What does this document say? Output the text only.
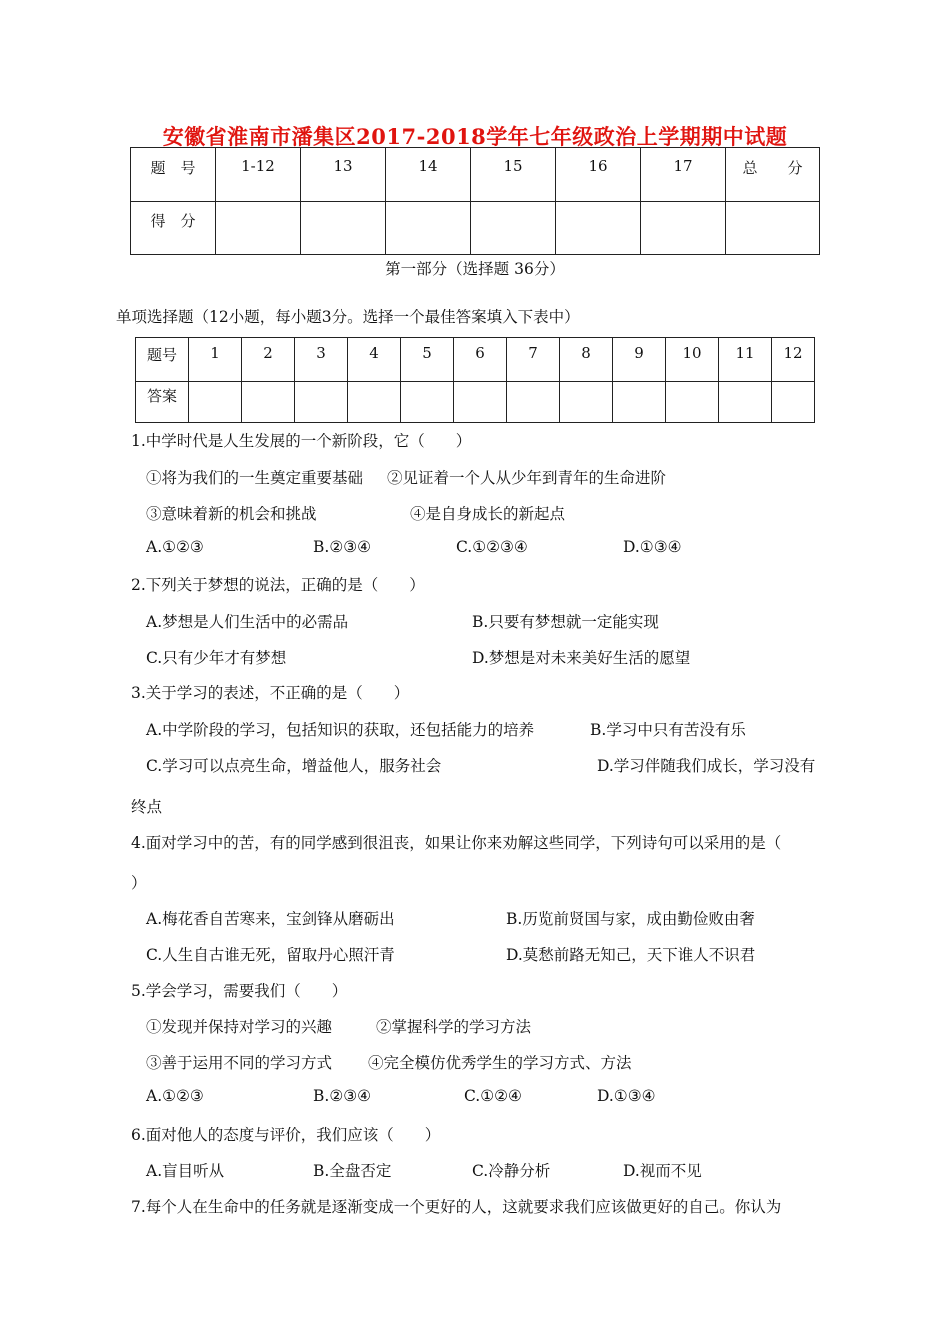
安徽省淮南市潘集区2017-2018学年七年级政治上学期期中试题
题　号	1-12	13	14	15	16	17	总　　分
得　分							
第一部分（选择题 36分）
单项选择题（12小题，每小题3分。选择一个最佳答案填入下表中）
题号	1	2	3	4	5	6	7	8	9	10	11	12
答案												
1.中学时代是人生发展的一个新阶段，它（　　）
①将为我们的一生奠定重要基础 ②见证着一个人从少年到青年的生命进阶
③意味着新的机会和挑战	④是自身成长的新起点
A.①②③	B.②③④	C.①②③④	D.①③④
2.下列关于梦想的说法，正确的是（　　）
A.梦想是人们生活中的必需品	B.只要有梦想就一定能实现
C.只有少年才有梦想	D.梦想是对未来美好生活的愿望
3.关于学习的表述，不正确的是（　　）
A.中学阶段的学习，包括知识的获取，还包括能力的培养	B.学习中只有苦没有乐
C.学习可以点亮生命，增益他人，服务社会	D.学习伴随我们成长，学习没有
终点
4.面对学习中的苦，有的同学感到很沮丧，如果让你来劝解这些同学，下列诗句可以采用的是（
）
A.梅花香自苦寒来，宝剑锋从磨砺出	B.历览前贤国与家，成由勤俭败由奢
C.人生自古谁无死，留取丹心照汗青	D.莫愁前路无知己，天下谁人不识君
5.学会学习，需要我们（　　）
①发现并保持对学习的兴趣	②掌握科学的学习方法
③善于运用不同的学习方式 ④完全模仿优秀学生的学习方式、方法
A.①②③	B.②③④	C.①②④	D.①③④
6.面对他人的态度与评价，我们应该（　　）
A.盲目听从	B.全盘否定	C.冷静分析	D.视而不见
7.每个人在生命中的任务就是逐渐变成一个更好的人，这就要求我们应该做更好的自己。你认为
